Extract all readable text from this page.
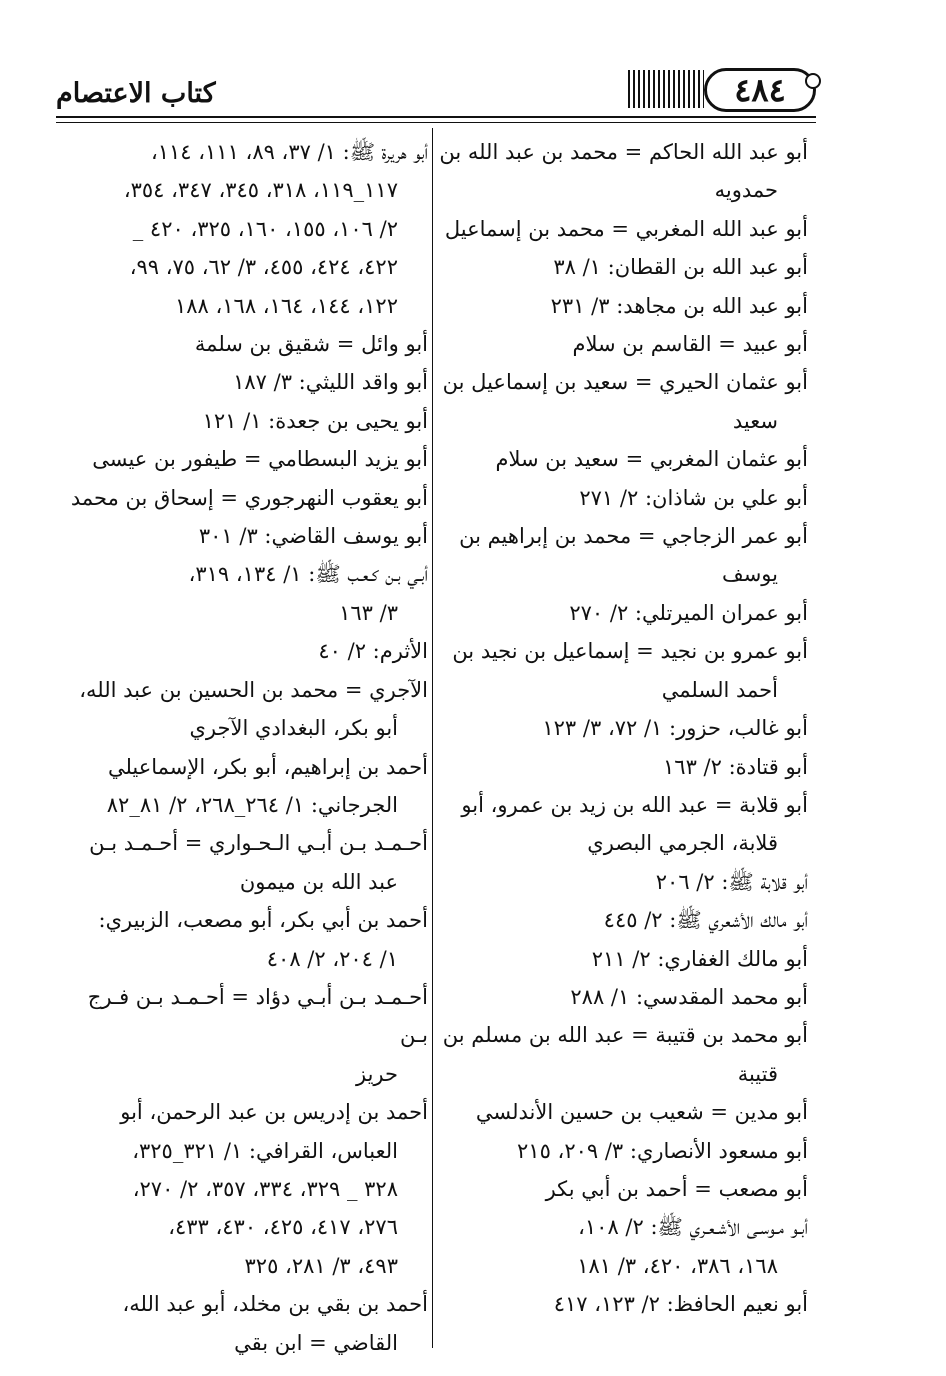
كتاب الاعتصام	٤٨٤
أبو عبد الله الحاكم = محمد بن عبد الله بن
حمدويه
أبو عبد الله المغربي = محمد بن إسماعيل
أبو عبد الله بن القطان: ١/ ٣٨
أبو عبد الله بن مجاهد: ٣/ ٢٣١
أبو عبيد = القاسم بن سلام
أبو عثمان الحيري = سعيد بن إسماعيل بن
سعيد
أبو عثمان المغربي = سعيد بن سلام
أبو علي بن شاذان: ٢/ ٢٧١
أبو عمر الزجاجي = محمد بن إبراهيم بن
يوسف
أبو عمران الميرتلي: ٢/ ٢٧٠
أبو عمرو بن نجيد = إسماعيل بن نجيد بن
أحمد السلمي
أبو غالب، حزور: ١/ ٧٢، ٣/ ١٢٣
أبو قتادة: ٢/ ١٦٣
أبو قلابة = عبد الله بن زيد بن عمرو، أبو
قلابة، الجرمي البصري
أبو قلابة ﷺ: ٢/ ٢٠٦
أبو مالك الأشعري ﷺ: ٢/ ٤٤٥
أبو مالك الغفاري: ٢/ ٢١١
أبو محمد المقدسي: ١/ ٢٨٨
أبو محمد بن قتيبة = عبد الله بن مسلم بن
قتيبة
أبو مدين = شعيب بن حسين الأندلسي
أبو مسعود الأنصاري: ٣/ ٢٠٩، ٢١٥
أبو مصعب = أحمد بن أبي بكر
أبـو مـوسـى الأشـعـري ﷺ: ٢/ ١٠٨،
١٦٨، ٣٨٦، ٤٢٠، ٣/ ١٨١
أبو نعيم الحافظ: ٢/ ١٢٣، ٤١٧
أبو هريرة ﷺ: ١/ ٣٧، ٨٩، ١١١، ١١٤،
١١٧_١١٩، ٣١٨، ٣٤٥، ٣٤٧، ٣٥٤،
٢/ ١٠٦، ١٥٥، ١٦٠، ٣٢٥، ٤٢٠ _
٤٢٢، ٤٢٤، ٤٥٥، ٣/ ٦٢، ٧٥، ٩٩،
١٢٢، ١٤٤، ١٦٤، ١٦٨، ١٨٨
أبو وائل = شقيق بن سلمة
أبو واقد الليثي: ٣/ ١٨٧
أبو يحيى بن جعدة: ١/ ١٢١
أبو يزيد البسطامي = طيفور بن عيسى
أبو يعقوب النهرجوري = إسحاق بن محمد
أبو يوسف القاضي: ٣/ ٣٠١
أبـي بـن كـعـب ﷺ: ١/ ١٣٤، ٣١٩،
٣/ ١٦٣
الأثرم: ٢/ ٤٠
الآجري = محمد بن الحسين بن عبد الله،
أبو بكر، البغدادي الآجري
أحمد بن إبراهيم، أبو بكر، الإسماعيلي
الجرجاني: ١/ ٢٦٤_٢٦٨، ٢/ ٨١_٨٢
أحـمـد بـن أبـي الـحـواري = أحـمـد بـن
عبد الله بن ميمون
أحمد بن أبي بكر، أبو مصعب، الزبيري:
١/ ٢٠٤، ٢/ ٤٠٨
أحـمـد بـن أبـي دؤاد = أحـمـد بـن فـرج بـن
حريز
أحمد بن إدريس بن عبد الرحمن، أبو
العباس، القرافي: ١/ ٣٢١_٣٢٥،
٣٢٨ _ ٣٢٩، ٣٣٤، ٣٥٧، ٢/ ٢٧٠،
٢٧٦، ٤١٧، ٤٢٥، ٤٣٠، ٤٣٣،
٤٩٣، ٣/ ٢٨١، ٣٢٥
أحمد بن بقي بن مخلد، أبو عبد الله،
القاضي = ابن بقي
